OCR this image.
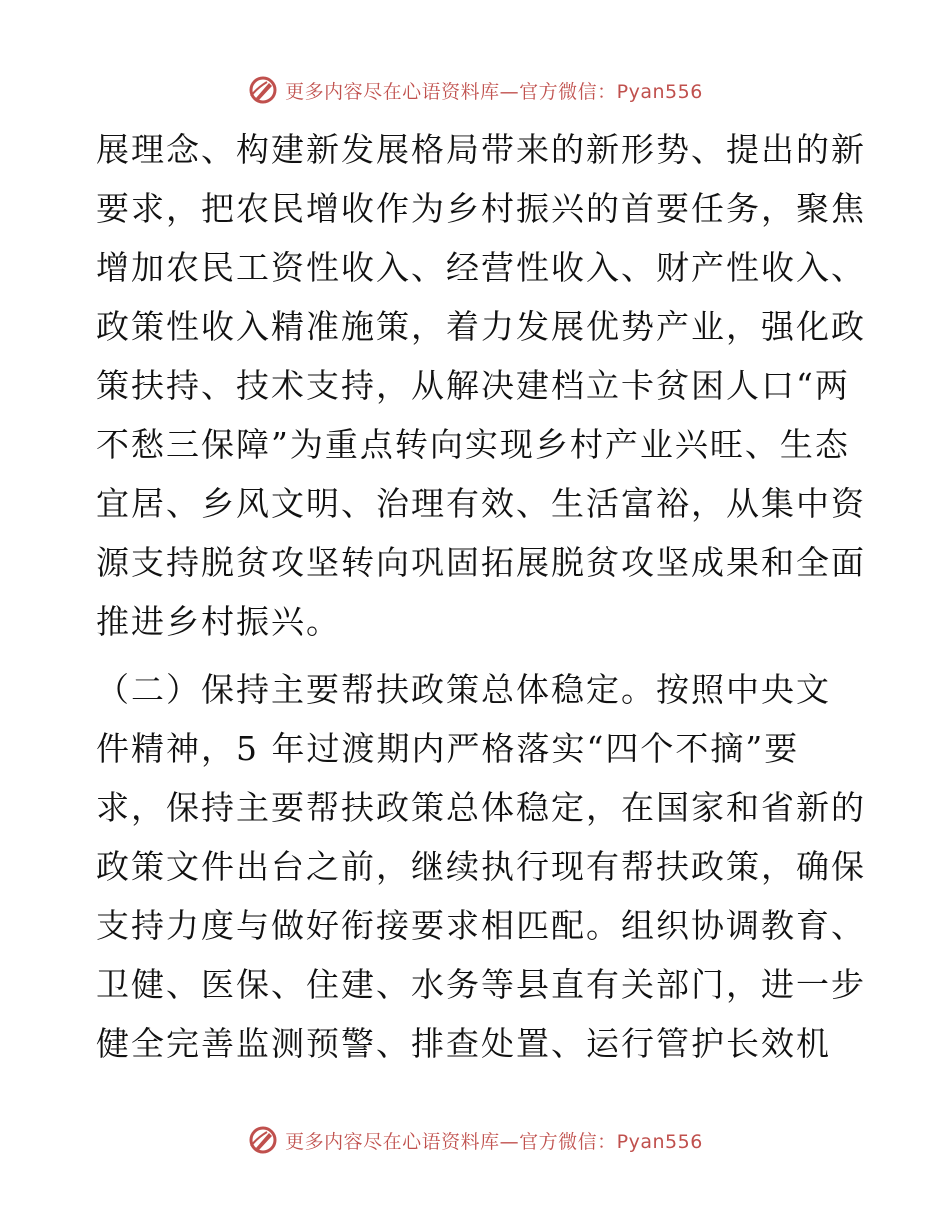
更多内容尽在心语资料库—官方微信：Pyan556
展理念、构建新发展格局带来的新形势、提出的新
要求，把农民增收作为乡村振兴的首要任务，聚焦
增加农民工资性收入、经营性收入、财产性收入、
政策性收入精准施策，着力发展优势产业，强化政
策扶持、技术支持，从解决建档立卡贫困人口“两
不愁三保障”为重点转向实现乡村产业兴旺、生态
宜居、乡风文明、治理有效、生活富裕，从集中资
源支持脱贫攻坚转向巩固拓展脱贫攻坚成果和全面
推进乡村振兴。
（二）保持主要帮扶政策总体稳定。按照中央文
件精神，5 年过渡期内严格落实“四个不摘”要
求，保持主要帮扶政策总体稳定，在国家和省新的
政策文件出台之前，继续执行现有帮扶政策，确保
支持力度与做好衔接要求相匹配。组织协调教育、
卫健、医保、住建、水务等县直有关部门，进一步
健全完善监测预警、排查处置、运行管护长效机
更多内容尽在心语资料库—官方微信：Pyan556
